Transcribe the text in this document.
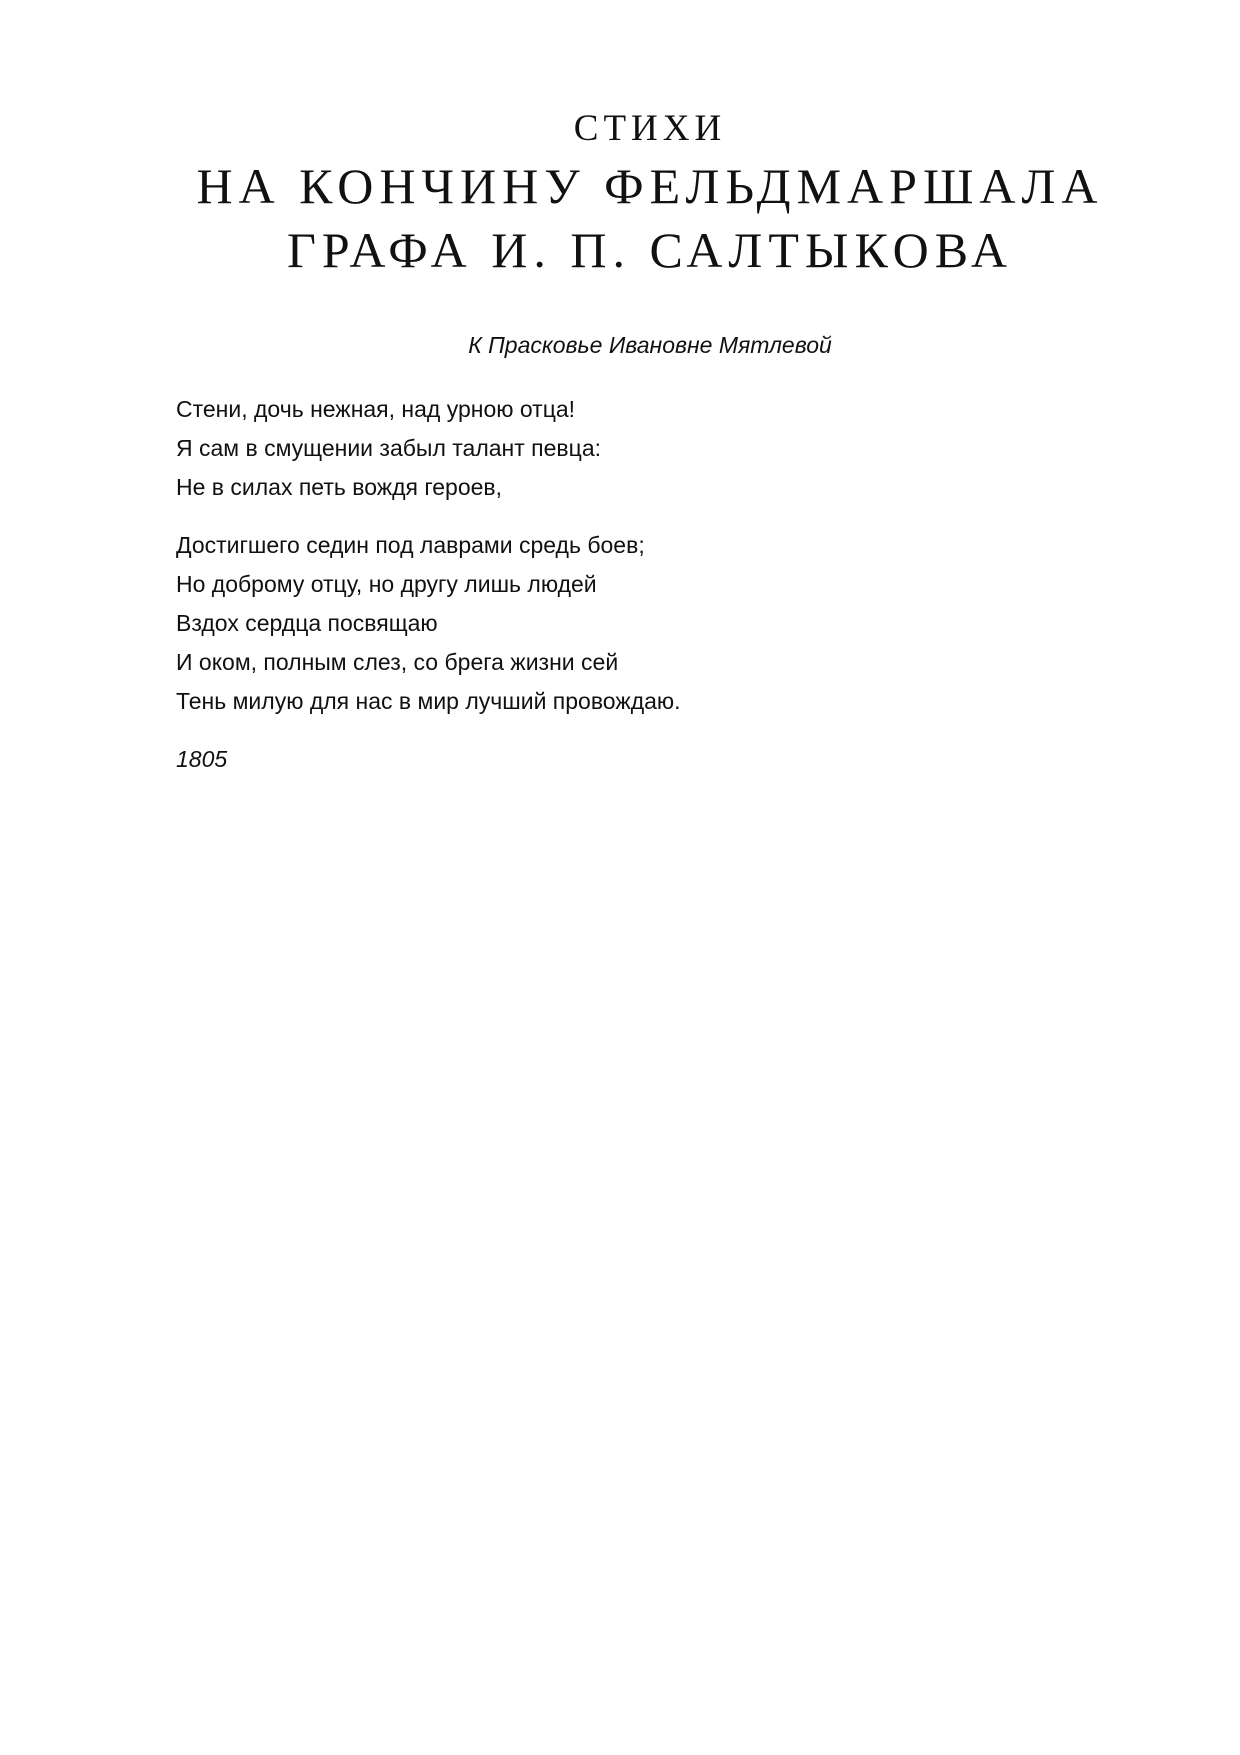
СТИХИ
НА КОНЧИНУ ФЕЛЬДМАРШАЛА
ГРАФА И. П. САЛТЫКОВА
К Прасковье Ивановне Мятлевой
Стени, дочь нежная, над урною отца!
Я сам в смущении забыл талант певца:
Не в силах петь вождя героев,
Достигшего седин под лаврами средь боев;
Но доброму отцу, но другу лишь людей
Вздох сердца посвящаю
И оком, полным слез, со брега жизни сей
Тень милую для нас в мир лучший провождаю.
1805
